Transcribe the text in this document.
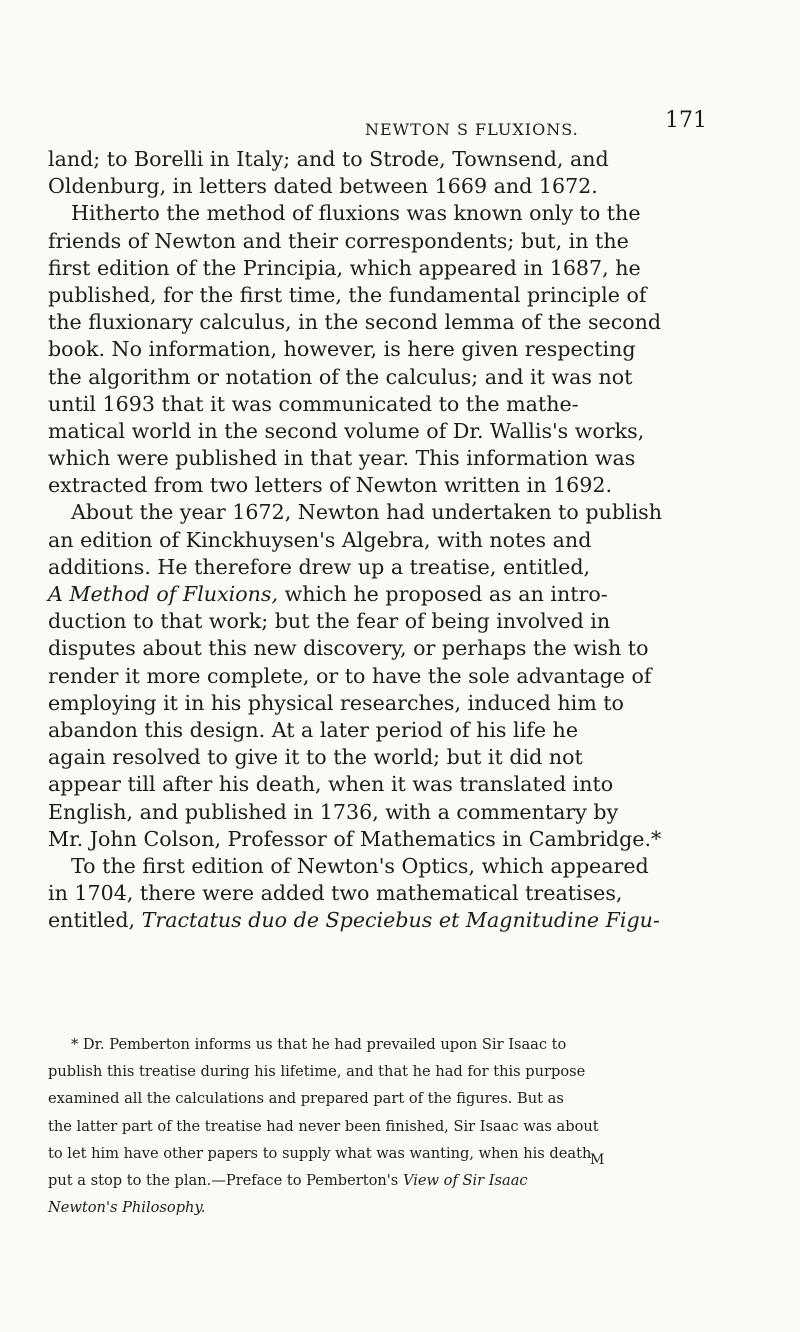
NEWTON S FLUXIONS.	171
land; to Borelli in Italy; and to Strode, Townsend, and
Oldenburg, in letters dated between 1669 and 1672.
Hitherto the method of fluxions was known only to the
friends of Newton and their correspondents; but, in the
first edition of the Principia, which appeared in 1687, he
published, for the first time, the fundamental principle of
the fluxionary calculus, in the second lemma of the second
book. No information, however, is here given respecting
the algorithm or notation of the calculus; and it was not
until 1693 that it was communicated to the mathe-
matical world in the second volume of Dr. Wallis's works,
which were published in that year. This information was
extracted from two letters of Newton written in 1692.
About the year 1672, Newton had undertaken to publish
an edition of Kinckhuysen's Algebra, with notes and
additions. He therefore drew up a treatise, entitled,
A Method of Fluxions, which he proposed as an intro-
duction to that work; but the fear of being involved in
disputes about this new discovery, or perhaps the wish to
render it more complete, or to have the sole advantage of
employing it in his physical researches, induced him to
abandon this design. At a later period of his life he
again resolved to give it to the world; but it did not
appear till after his death, when it was translated into
English, and published in 1736, with a commentary by
Mr. John Colson, Professor of Mathematics in Cambridge.*
To the first edition of Newton's Optics, which appeared
in 1704, there were added two mathematical treatises,
entitled, Tractatus duo de Speciebus et Magnitudine Figu-
* Dr. Pemberton informs us that he had prevailed upon Sir Isaac to
publish this treatise during his lifetime, and that he had for this purpose
examined all the calculations and prepared part of the figures. But as
the latter part of the treatise had never been finished, Sir Isaac was about
to let him have other papers to supply what was wanting, when his death
put a stop to the plan.—Preface to Pemberton's View of Sir Isaac
Newton's Philosophy.
M
